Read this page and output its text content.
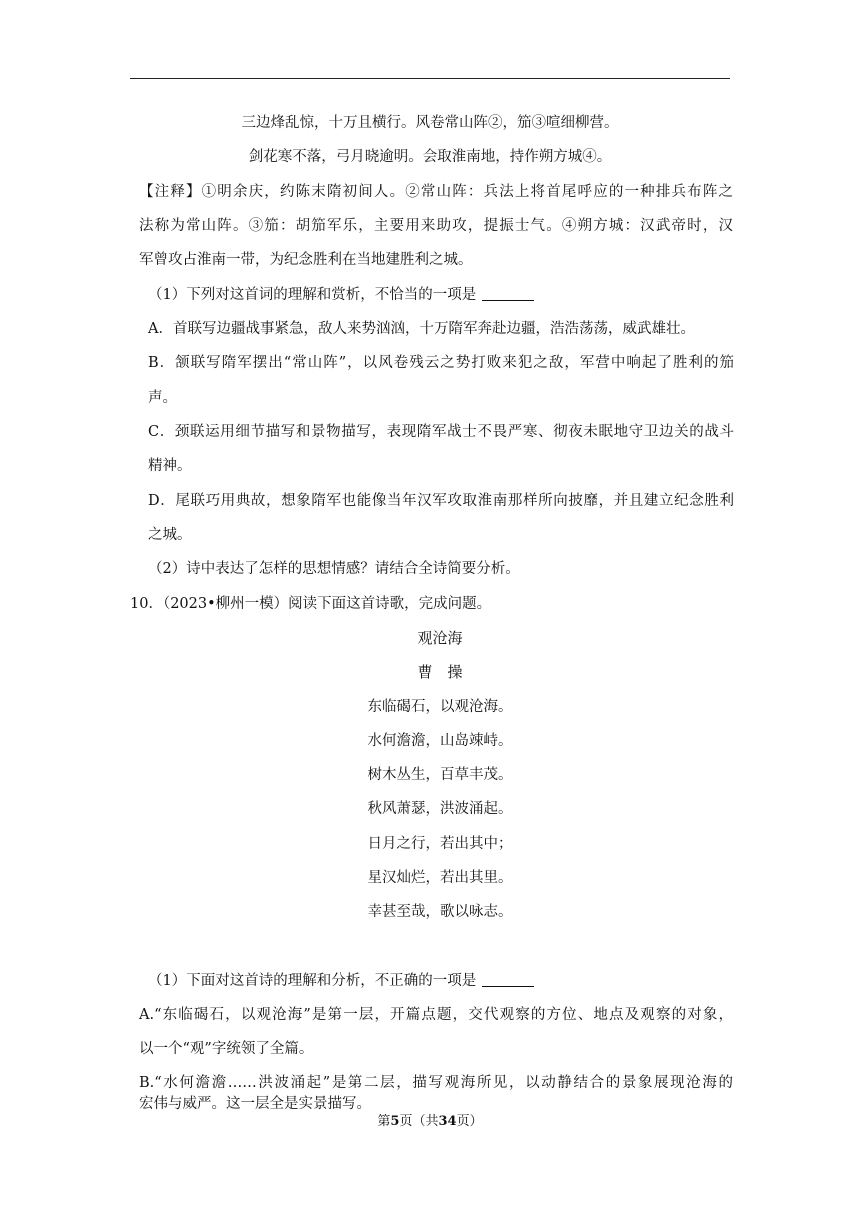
三边烽乱惊，十万且横行。风卷常山阵②，笳③喧细柳营。
剑花寒不落，弓月晓逾明。会取淮南地，持作朔方城④。
【注释】①明余庆，约陈末隋初间人。②常山阵：兵法上将首尾呼应的一种排兵布阵之
法称为常山阵。③笳：胡笳军乐，主要用来助攻，提振士气。④朔方城：汉武帝时，汉
军曾攻占淮南一带，为纪念胜利在当地建胜利之城。
（1）下列对这首词的理解和赏析，不恰当的一项是
A．首联写边疆战事紧急，敌人来势汹汹，十万隋军奔赴边疆，浩浩荡荡，威武雄壮。
B．颔联写隋军摆出“常山阵”，以风卷残云之势打败来犯之敌，军营中响起了胜利的笳
声。
C．颈联运用细节描写和景物描写，表现隋军战士不畏严寒、彻夜未眠地守卫边关的战斗
精神。
D．尾联巧用典故，想象隋军也能像当年汉军攻取淮南那样所向披靡，并且建立纪念胜利
之城。
（2）诗中表达了怎样的思想情感？请结合全诗简要分析。
10．（2023•柳州一模）阅读下面这首诗歌，完成问题。
观沧海
曹　操
东临碣石，以观沧海。
水何澹澹，山岛竦峙。
树木丛生，百草丰茂。
秋风萧瑟，洪波涌起。
日月之行，若出其中；
星汉灿烂，若出其里。
幸甚至哉，歌以咏志。
（1）下面对这首诗的理解和分析，不正确的一项是
A.“东临碣石，以观沧海”是第一层，开篇点题，交代观察的方位、地点及观察的对象，
以一个“观”字统领了全篇。
B.“水何澹澹……洪波涌起”是第二层，描写观海所见，以动静结合的景象展现沧海的
宏伟与威严。这一层全是实景描写。
第5页（共34页）
